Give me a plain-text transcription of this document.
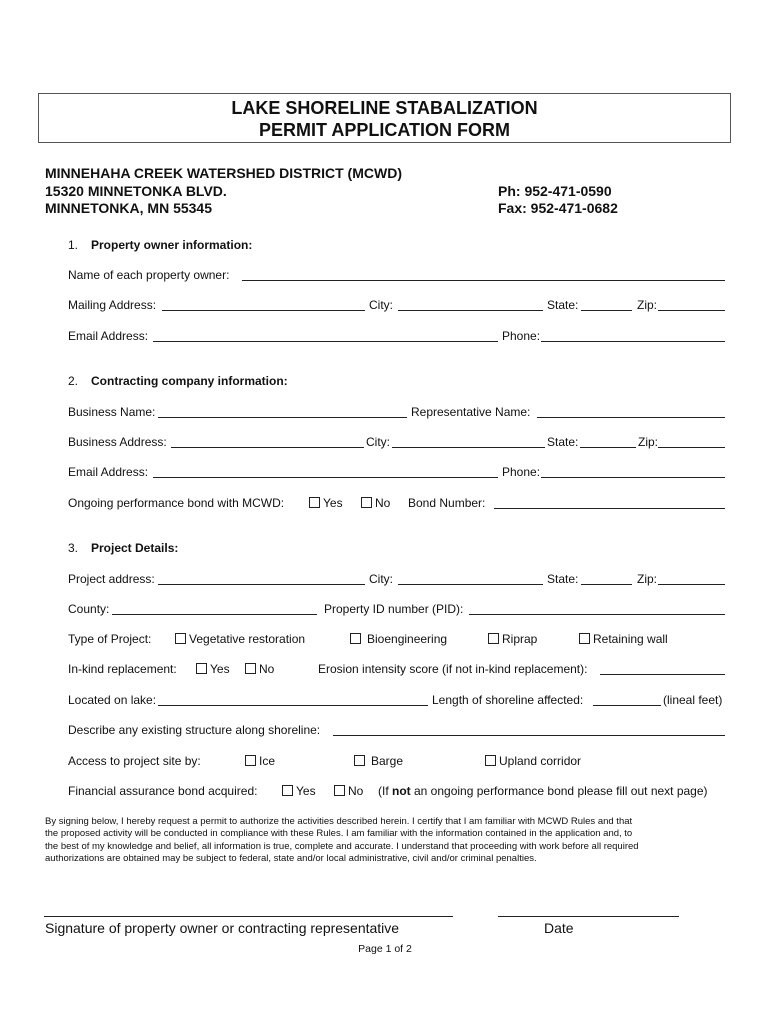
LAKE SHORELINE STABALIZATION
PERMIT APPLICATION FORM
MINNEHAHA CREEK WATERSHED DISTRICT (MCWD)
15320 MINNETONKA BLVD.
MINNETONKA, MN 55345
Ph: 952-471-0590
Fax: 952-471-0682
1. Property owner information:
Name of each property owner:
Mailing Address:	City:	State:	Zip:
Email Address:	Phone:
2. Contracting company information:
Business Name:	Representative Name:
Business Address:	City:	State:	Zip:
Email Address:	Phone:
Ongoing performance bond with MCWD:	Yes	No Bond Number:
3. Project Details:
Project address:	City:	State:	Zip:
County:	Property ID number (PID):
Type of Project:	Vegetative restoration	Bioengineering	Riprap	Retaining wall
In-kind replacement:	Yes	No	Erosion intensity score (if not in-kind replacement):
Located on lake:	Length of shoreline affected:	(lineal feet)
Describe any existing structure along shoreline:
Access to project site by:	Ice	Barge	Upland corridor
Financial assurance bond acquired:	Yes	No (If not an ongoing performance bond please fill out next page)
By signing below, I hereby request a permit to authorize the activities described herein. I certify that I am familiar with MCWD Rules and that
the proposed activity will be conducted in compliance with these Rules. I am familiar with the information contained in the application and, to
the best of my knowledge and belief, all information is true, complete and accurate. I understand that proceeding with work before all required
authorizations are obtained may be subject to federal, state and/or local administrative, civil and/or criminal penalties.
Signature of property owner or contracting representative	Date
Page 1 of 2
